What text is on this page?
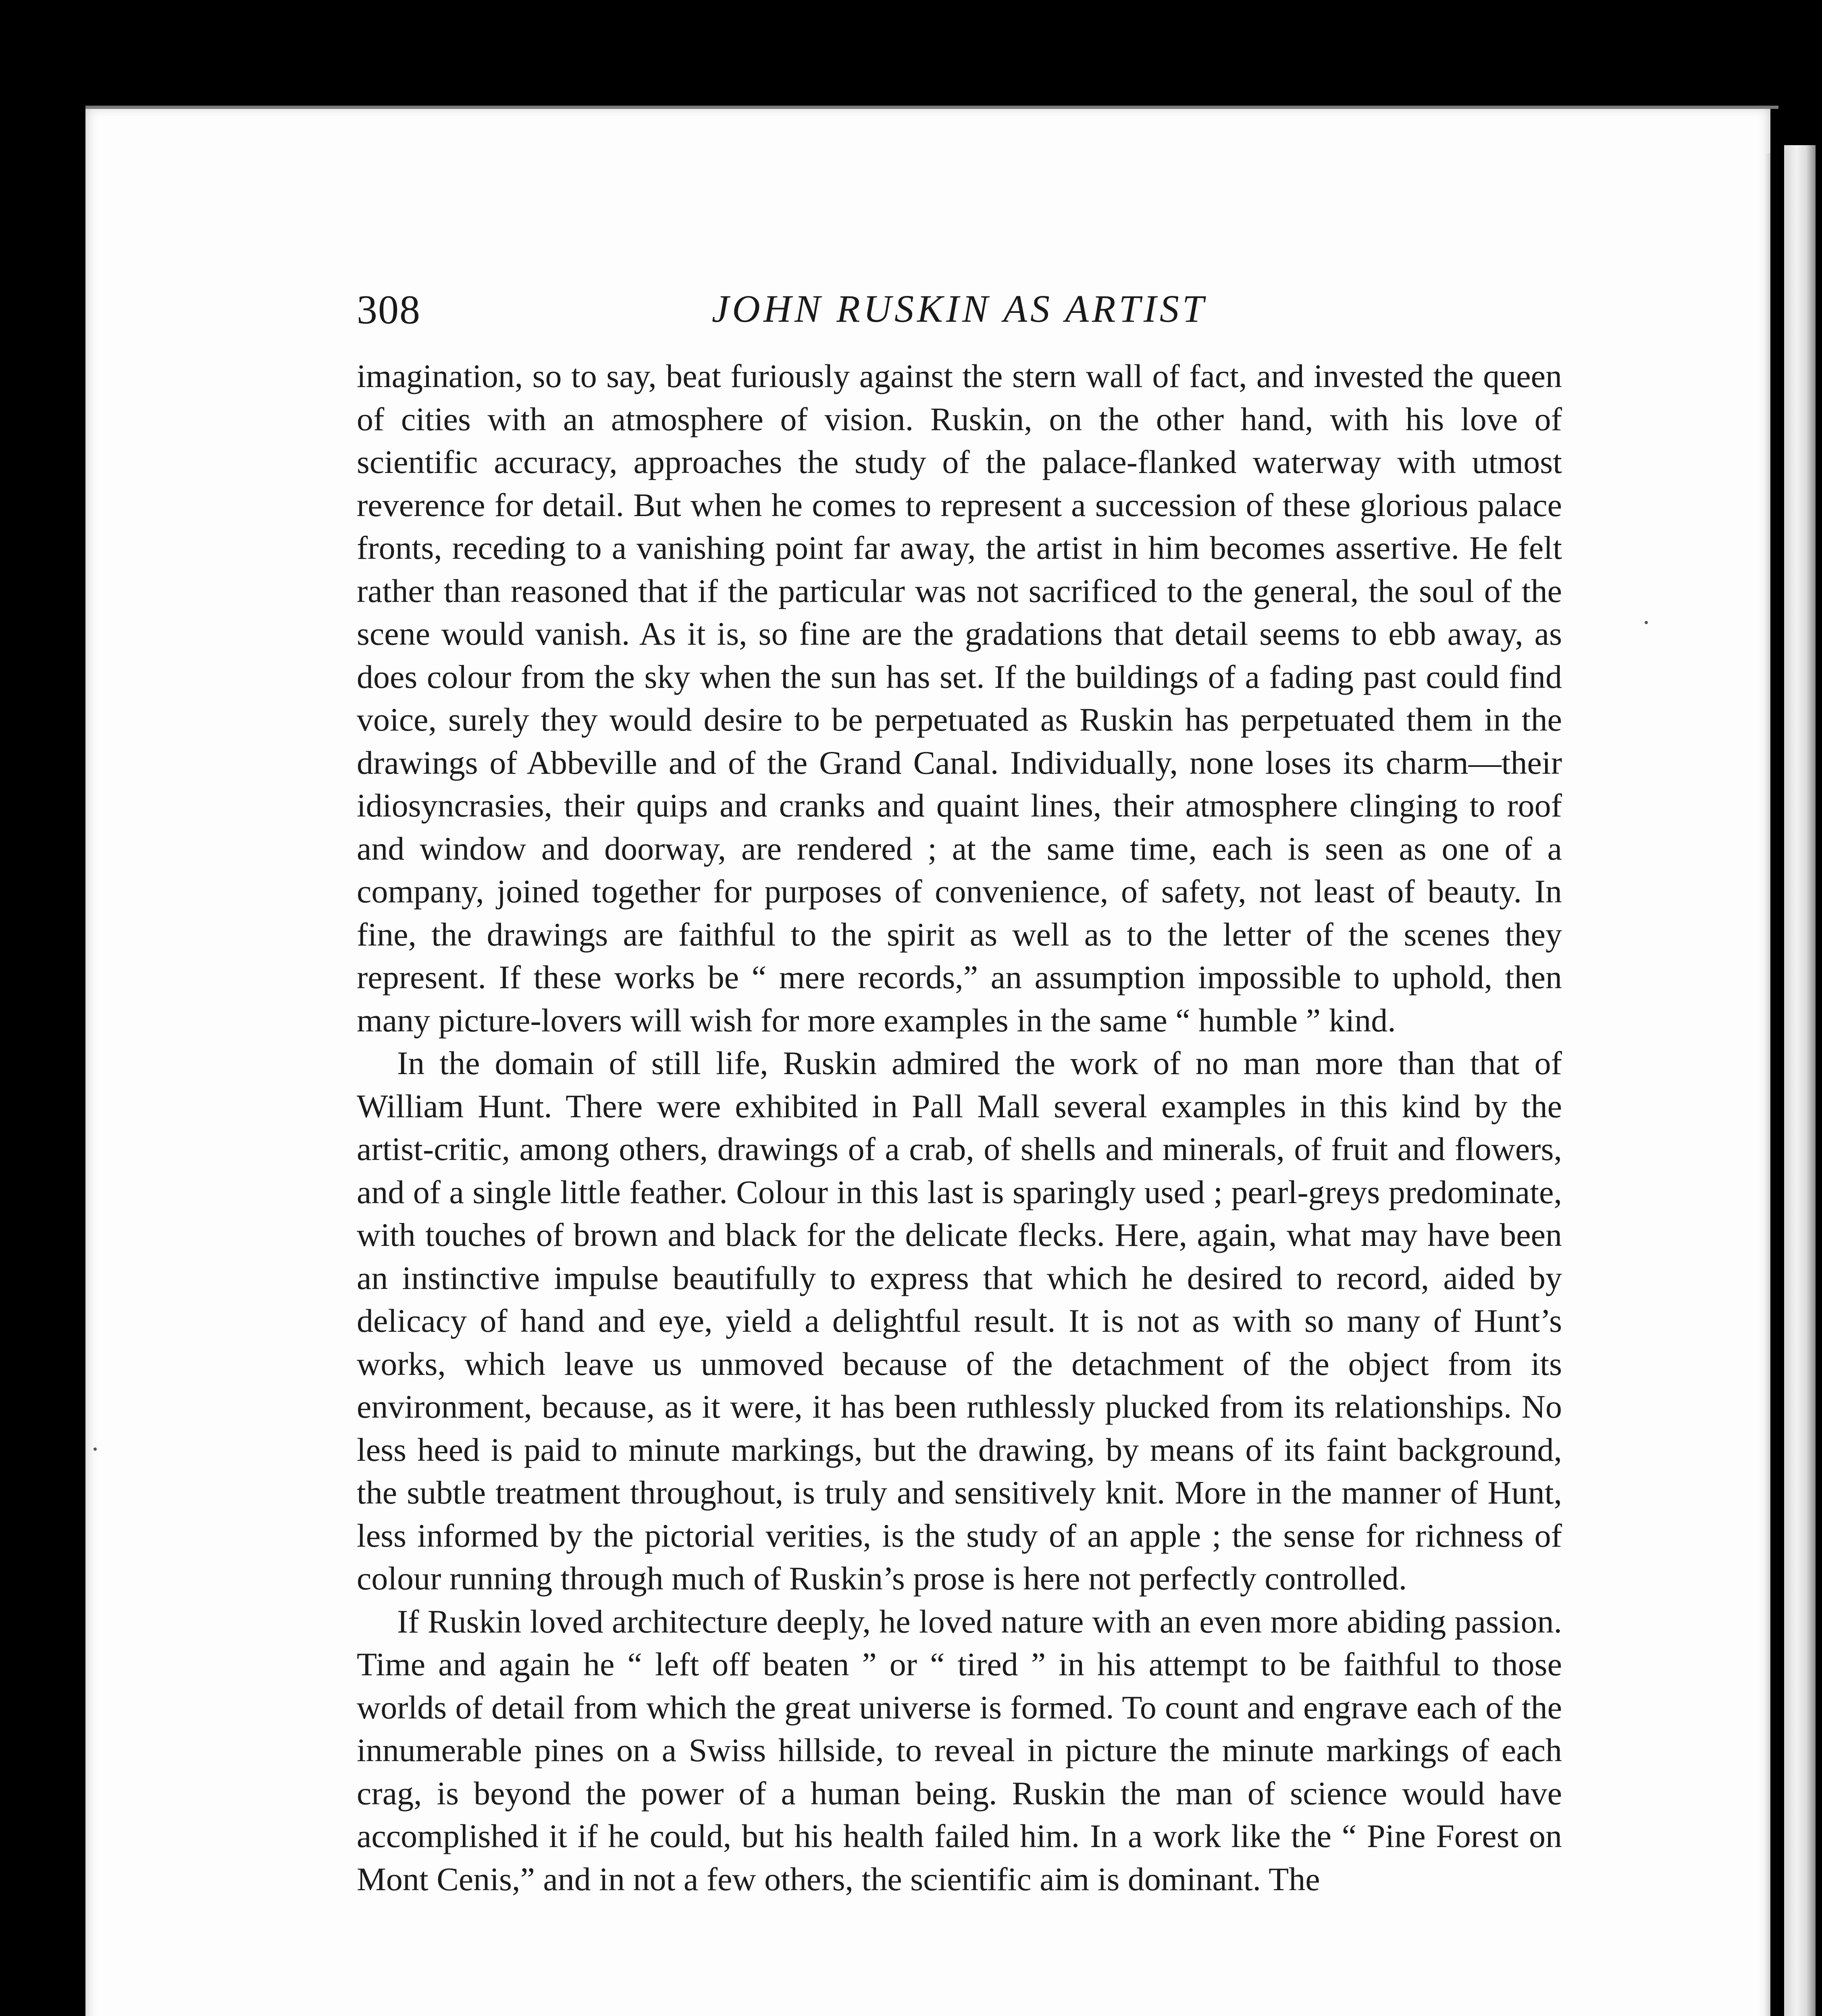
308	JOHN RUSKIN AS ARTIST

imagination, so to say, beat furiously against the stern wall of fact, and invested the queen of cities with an atmosphere of vision. Ruskin, on the other hand, with his love of scientific accuracy, approaches the study of the palace-flanked waterway with utmost reverence for detail. But when he comes to represent a succession of these glorious palace fronts, receding to a vanishing point far away, the artist in him becomes assertive. He felt rather than reasoned that if the particular was not sacrificed to the general, the soul of the scene would vanish. As it is, so fine are the gradations that detail seems to ebb away, as does colour from the sky when the sun has set. If the buildings of a fading past could find voice, surely they would desire to be perpetuated as Ruskin has perpetuated them in the drawings of Abbeville and of the Grand Canal. Individually, none loses its charm—their idiosyncrasies, their quips and cranks and quaint lines, their atmosphere clinging to roof and window and doorway, are rendered ; at the same time, each is seen as one of a company, joined together for purposes of convenience, of safety, not least of beauty. In fine, the drawings are faithful to the spirit as well as to the letter of the scenes they represent. If these works be “ mere records,” an assumption impossible to uphold, then many picture-lovers will wish for more examples in the same “ humble ” kind.

In the domain of still life, Ruskin admired the work of no man more than that of William Hunt. There were exhibited in Pall Mall several examples in this kind by the artist-critic, among others, drawings of a crab, of shells and minerals, of fruit and flowers, and of a single little feather. Colour in this last is sparingly used ; pearl-greys predominate, with touches of brown and black for the delicate flecks. Here, again, what may have been an instinctive impulse beautifully to express that which he desired to record, aided by delicacy of hand and eye, yield a delightful result. It is not as with so many of Hunt’s works, which leave us unmoved because of the detachment of the object from its environment, because, as it were, it has been ruthlessly plucked from its relationships. No less heed is paid to minute markings, but the drawing, by means of its faint background, the subtle treatment throughout, is truly and sensitively knit. More in the manner of Hunt, less informed by the pictorial verities, is the study of an apple ; the sense for richness of colour running through much of Ruskin’s prose is here not perfectly controlled.

If Ruskin loved architecture deeply, he loved nature with an even more abiding passion. Time and again he “ left off beaten ” or “ tired ” in his attempt to be faithful to those worlds of detail from which the great universe is formed. To count and engrave each of the innumerable pines on a Swiss hillside, to reveal in picture the minute markings of each crag, is beyond the power of a human being. Ruskin the man of science would have accomplished it if he could, but his health failed him. In a work like the “ Pine Forest on Mont Cenis,” and in not a few others, the scientific aim is dominant. The
